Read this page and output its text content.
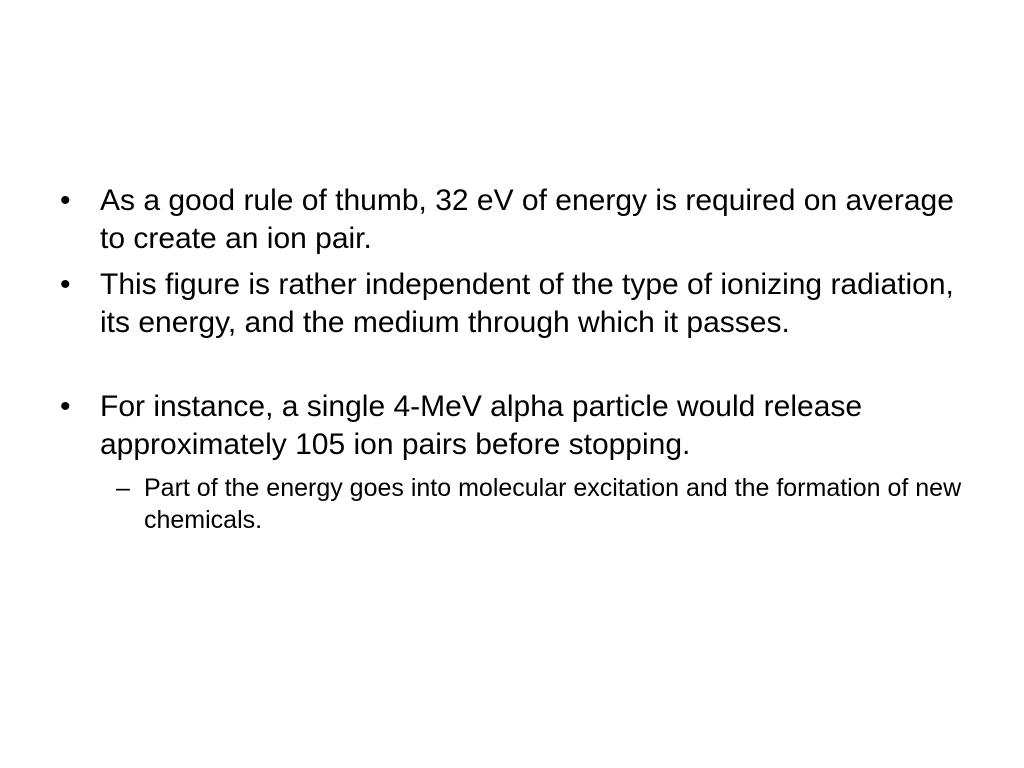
• As a good rule of thumb, 32 eV of energy is required on average to create an ion pair.
• This figure is rather independent of the type of ionizing radiation, its energy, and the medium through which it passes.
• For instance, a single 4-MeV alpha particle would release approximately 105 ion pairs before stopping.
– Part of the energy goes into molecular excitation and the formation of new chemicals.
